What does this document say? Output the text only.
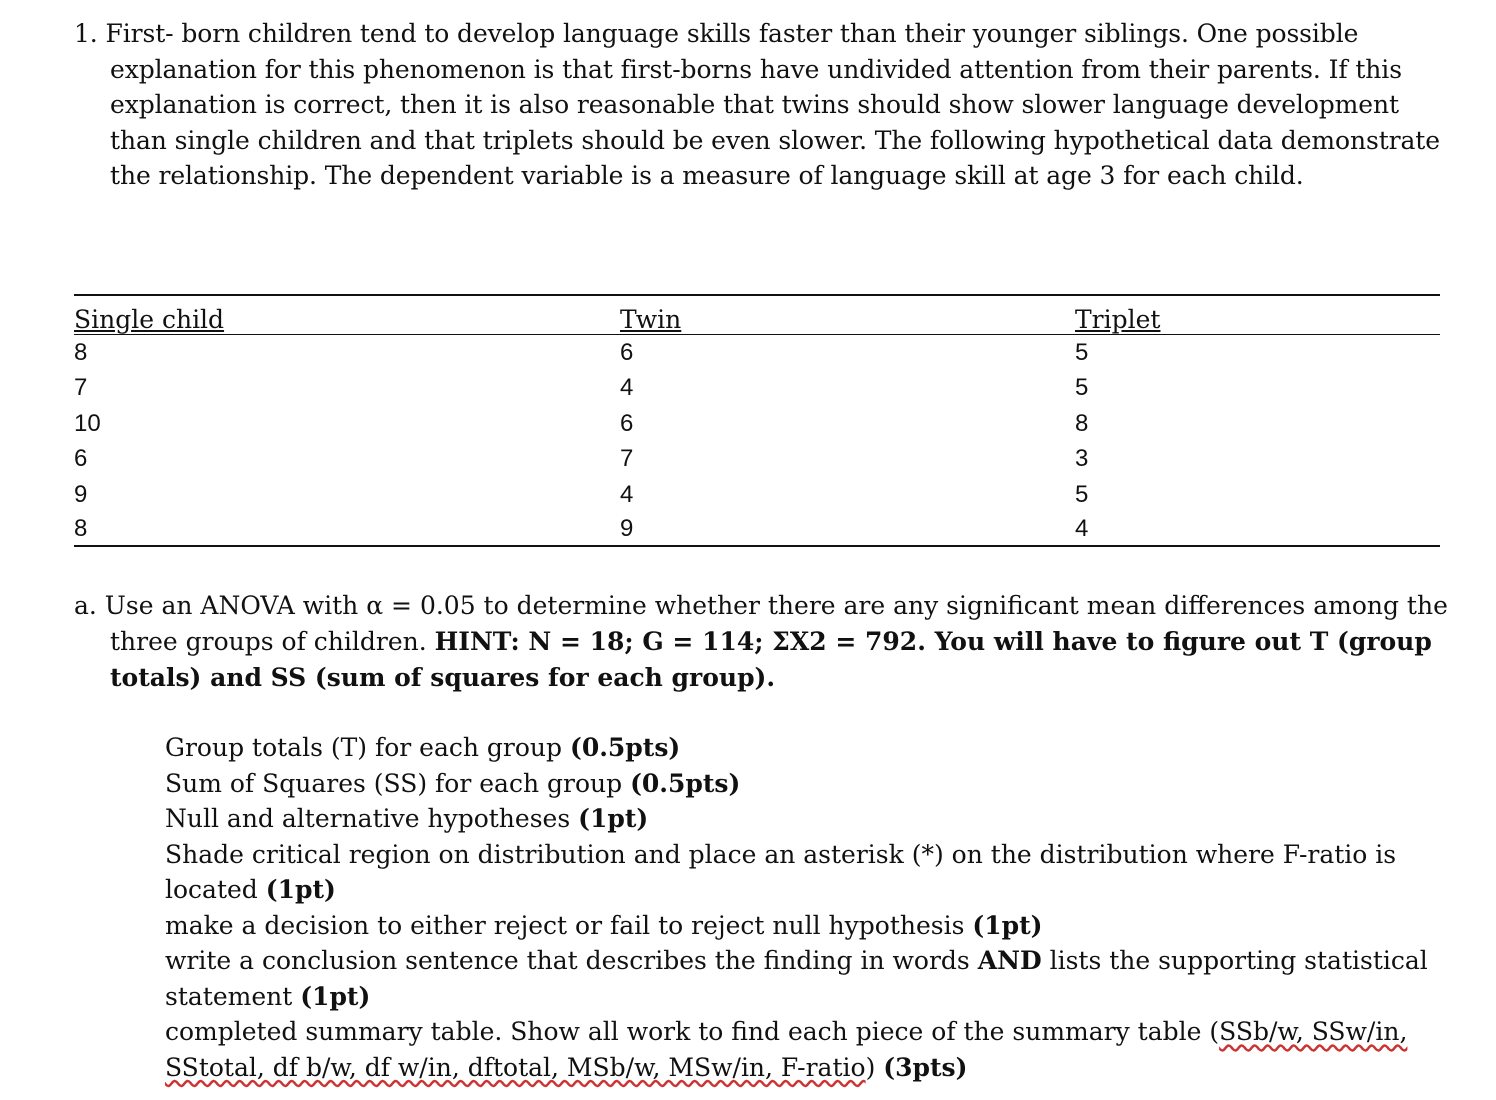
1. First- born children tend to develop language skills faster than their younger siblings. One possible explanation for this phenomenon is that first-borns have undivided attention from their parents. If this explanation is correct, then it is also reasonable that twins should show slower language development than single children and that triplets should be even slower. The following hypothetical data demonstrate the relationship. The dependent variable is a measure of language skill at age 3 for each child.
Single child	Twin	Triplet
8	6	5
7	4	5
10	6	8
6	7	3
9	4	5
8	9	4
a. Use an ANOVA with α = 0.05 to determine whether there are any significant mean differences among the three groups of children. HINT: N = 18; G = 114; ΣX2 = 792. You will have to figure out T (group totals) and SS (sum of squares for each group).
Group totals (T) for each group (0.5pts)
Sum of Squares (SS) for each group (0.5pts)
Null and alternative hypotheses (1pt)
Shade critical region on distribution and place an asterisk (*) on the distribution where F-ratio is located (1pt)
make a decision to either reject or fail to reject null hypothesis (1pt)
write a conclusion sentence that describes the finding in words AND lists the supporting statistical statement (1pt)
completed summary table. Show all work to find each piece of the summary table (SSb/w, SSw/in, SStotal, df b/w, df w/in, dftotal, MSb/w, MSw/in, F-ratio) (3pts)
